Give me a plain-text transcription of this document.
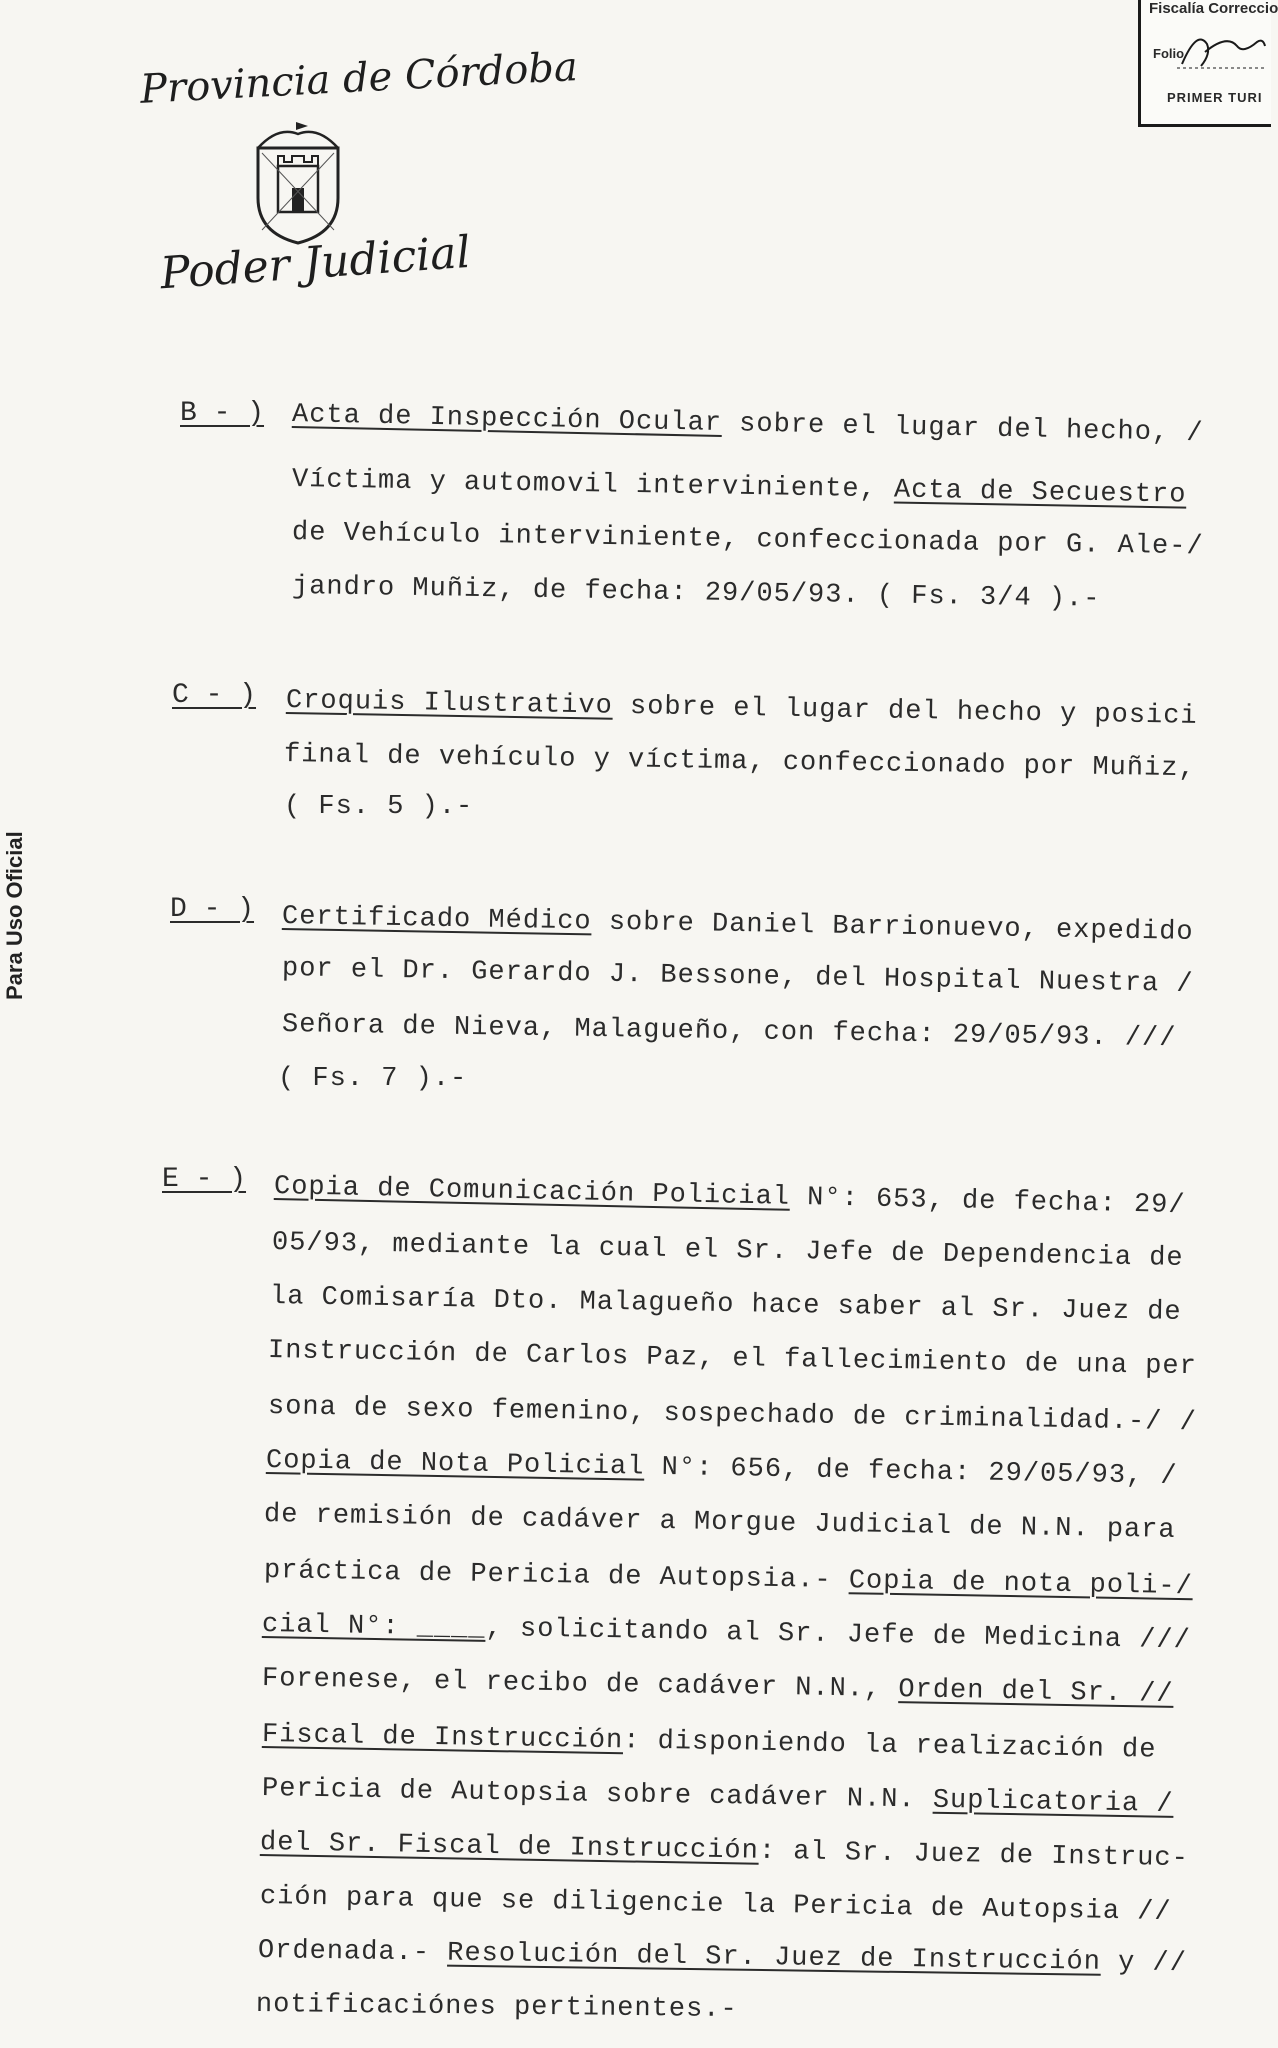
Provincia de Córdoba
Poder Judicial
Fiscalía Correccio
Folio
PRIMER TURI
Para Uso Oficial
B - ) Acta de Inspección Ocular sobre el lugar del hecho, /
Víctima y automovil interviniente, Acta de Secuestro
de Vehículo interviniente, confeccionada por G. Ale-/
jandro Muñiz, de fecha: 29/05/93. ( Fs. 3/4 ).-
C - ) Croquis Ilustrativo sobre el lugar del hecho y posici
final de vehículo y víctima, confeccionado por Muñiz,
( Fs. 5 ).-
D - ) Certificado Médico sobre Daniel Barrionuevo, expedido
por el Dr. Gerardo J. Bessone, del Hospital Nuestra /
Señora de Nieva, Malagueño, con fecha: 29/05/93. ///
( Fs. 7 ).-
E - ) Copia de Comunicación Policial N°: 653, de fecha: 29/
05/93, mediante la cual el Sr. Jefe de Dependencia de
la Comisaría Dto. Malagueño hace saber al Sr. Juez de
Instrucción de Carlos Paz, el fallecimiento de una per
sona de sexo femenino, sospechado de criminalidad.-/ /
Copia de Nota Policial N°: 656, de fecha: 29/05/93, /
de remisión de cadáver a Morgue Judicial de N.N. para
práctica de Pericia de Autopsia.- Copia de nota poli-/
cial N°: ____, solicitando al Sr. Jefe de Medicina ///
Forenese, el recibo de cadáver N.N., Orden del Sr. //
Fiscal de Instrucción: disponiendo la realización de
Pericia de Autopsia sobre cadáver N.N. Suplicatoria /
del Sr. Fiscal de Instrucción: al Sr. Juez de Instruc-
ción para que se diligencie la Pericia de Autopsia //
Ordenada.- Resolución del Sr. Juez de Instrucción y //
notificaciónes pertinentes.-
